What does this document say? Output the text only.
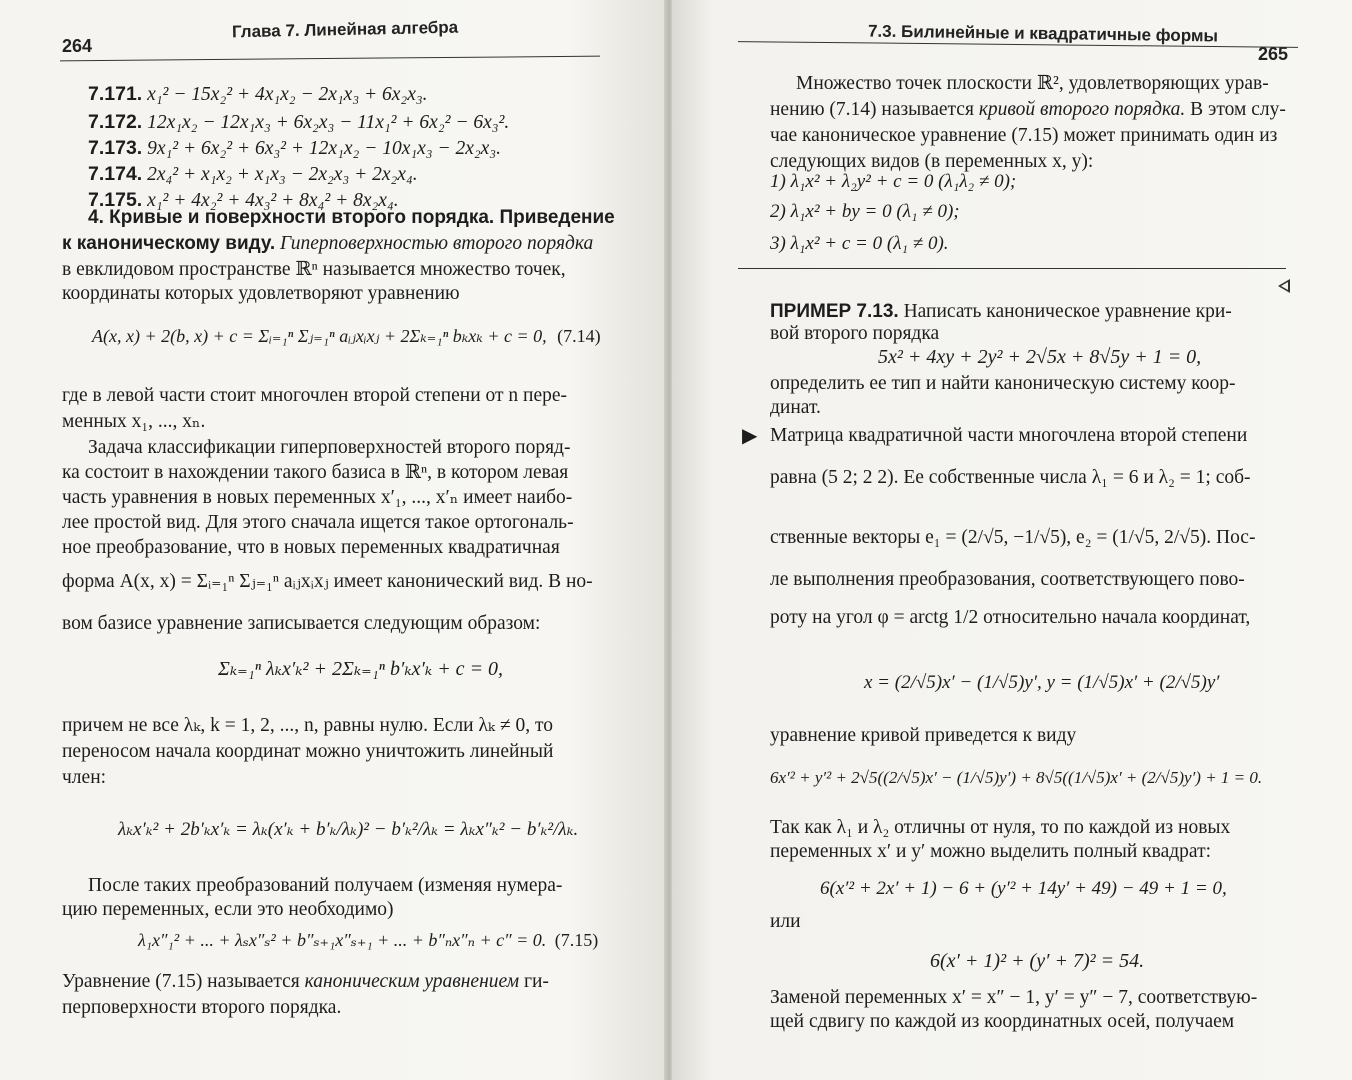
264
Глава 7. Линейная алгебра
7.171. x₁² − 15x₂² + 4x₁x₂ − 2x₁x₃ + 6x₂x₃.
7.172. 12x₁x₂ − 12x₁x₃ + 6x₂x₃ − 11x₁² + 6x₂² − 6x₃².
7.173. 9x₁² + 6x₂² + 6x₃² + 12x₁x₂ − 10x₁x₃ − 2x₂x₃.
7.174. 2x₄² + x₁x₂ + x₁x₃ − 2x₂x₃ + 2x₂x₄.
7.175. x₁² + 4x₂² + 4x₃² + 8x₄² + 8x₂x₄.
4. Кривые и поверхности второго порядка. Приведение
к каноническому виду. Гиперповерхностью второго порядка
в евклидовом пространстве ℝⁿ называется множество точек,
координаты которых удовлетворяют уравнению
A(x, x) + 2(b, x) + c = Σᵢ₌₁ⁿ Σⱼ₌₁ⁿ aᵢⱼxᵢxⱼ + 2Σₖ₌₁ⁿ bₖxₖ + c = 0, (7.14)
где в левой части стоит многочлен второй степени от n пере-
менных x₁, ..., xₙ.
Задача классификации гиперповерхностей второго поряд-
ка состоит в нахождении такого базиса в ℝⁿ, в котором левая
часть уравнения в новых переменных x′₁, ..., x′ₙ имеет наибо-
лее простой вид. Для этого сначала ищется такое ортогональ-
ное преобразование, что в новых переменных квадратичная
форма A(x, x) = Σᵢ₌₁ⁿ Σⱼ₌₁ⁿ aᵢⱼxᵢxⱼ имеет канонический вид. В но-
вом базисе уравнение записывается следующим образом:
Σₖ₌₁ⁿ λₖx′ₖ² + 2Σₖ₌₁ⁿ b′ₖx′ₖ + c = 0,
причем не все λₖ, k = 1, 2, ..., n, равны нулю. Если λₖ ≠ 0, то
переносом начала координат можно уничтожить линейный
член:
λₖx′ₖ² + 2b′ₖx′ₖ = λₖ(x′ₖ + b′ₖ/λₖ)² − b′ₖ²/λₖ = λₖx″ₖ² − b′ₖ²/λₖ.
После таких преобразований получаем (изменяя нумера-
цию переменных, если это необходимо)
λ₁x″₁² + ... + λₛx″ₛ² + b″ₛ₊₁x″ₛ₊₁ + ... + b″ₙx″ₙ + c″ = 0. (7.15)
Уравнение (7.15) называется каноническим уравнением ги-
перповерхности второго порядка.
7.3. Билинейные и квадратичные формы
265
Множество точек плоскости ℝ², удовлетворяющих урав-
нению (7.14) называется кривой второго порядка. В этом слу-
чае каноническое уравнение (7.15) может принимать один из
следующих видов (в переменных x, y):
1) λ₁x² + λ₂y² + c = 0 (λ₁λ₂ ≠ 0);
2) λ₁x² + by = 0 (λ₁ ≠ 0);
3) λ₁x² + c = 0 (λ₁ ≠ 0).
ПРИМЕР 7.13. Написать каноническое уравнение кри-
вой второго порядка
5x² + 4xy + 2y² + 2√5x + 8√5y + 1 = 0,
определить ее тип и найти каноническую систему коор-
динат.
▶ Матрица квадратичной части многочлена второй степени
равна (5 2; 2 2). Ее собственные числа λ₁ = 6 и λ₂ = 1; соб-
ственные векторы e₁ = (2/√5, −1/√5), e₂ = (1/√5, 2/√5). Пос-
ле выполнения преобразования, соответствующего пово-
роту на угол φ = arctg 1/2 относительно начала координат,
x = (2/√5)x′ − (1/√5)y′, y = (1/√5)x′ + (2/√5)y′
уравнение кривой приведется к виду
6x′² + y′² + 2√5((2/√5)x′ − (1/√5)y′) + 8√5((1/√5)x′ + (2/√5)y′) + 1 = 0.
Так как λ₁ и λ₂ отличны от нуля, то по каждой из новых
переменных x′ и y′ можно выделить полный квадрат:
6(x′² + 2x′ + 1) − 6 + (y′² + 14y′ + 49) − 49 + 1 = 0,
или
6(x′ + 1)² + (y′ + 7)² = 54.
Заменой переменных x′ = x″ − 1, y′ = y″ − 7, соответствую-
щей сдвигу по каждой из координатных осей, получаем
